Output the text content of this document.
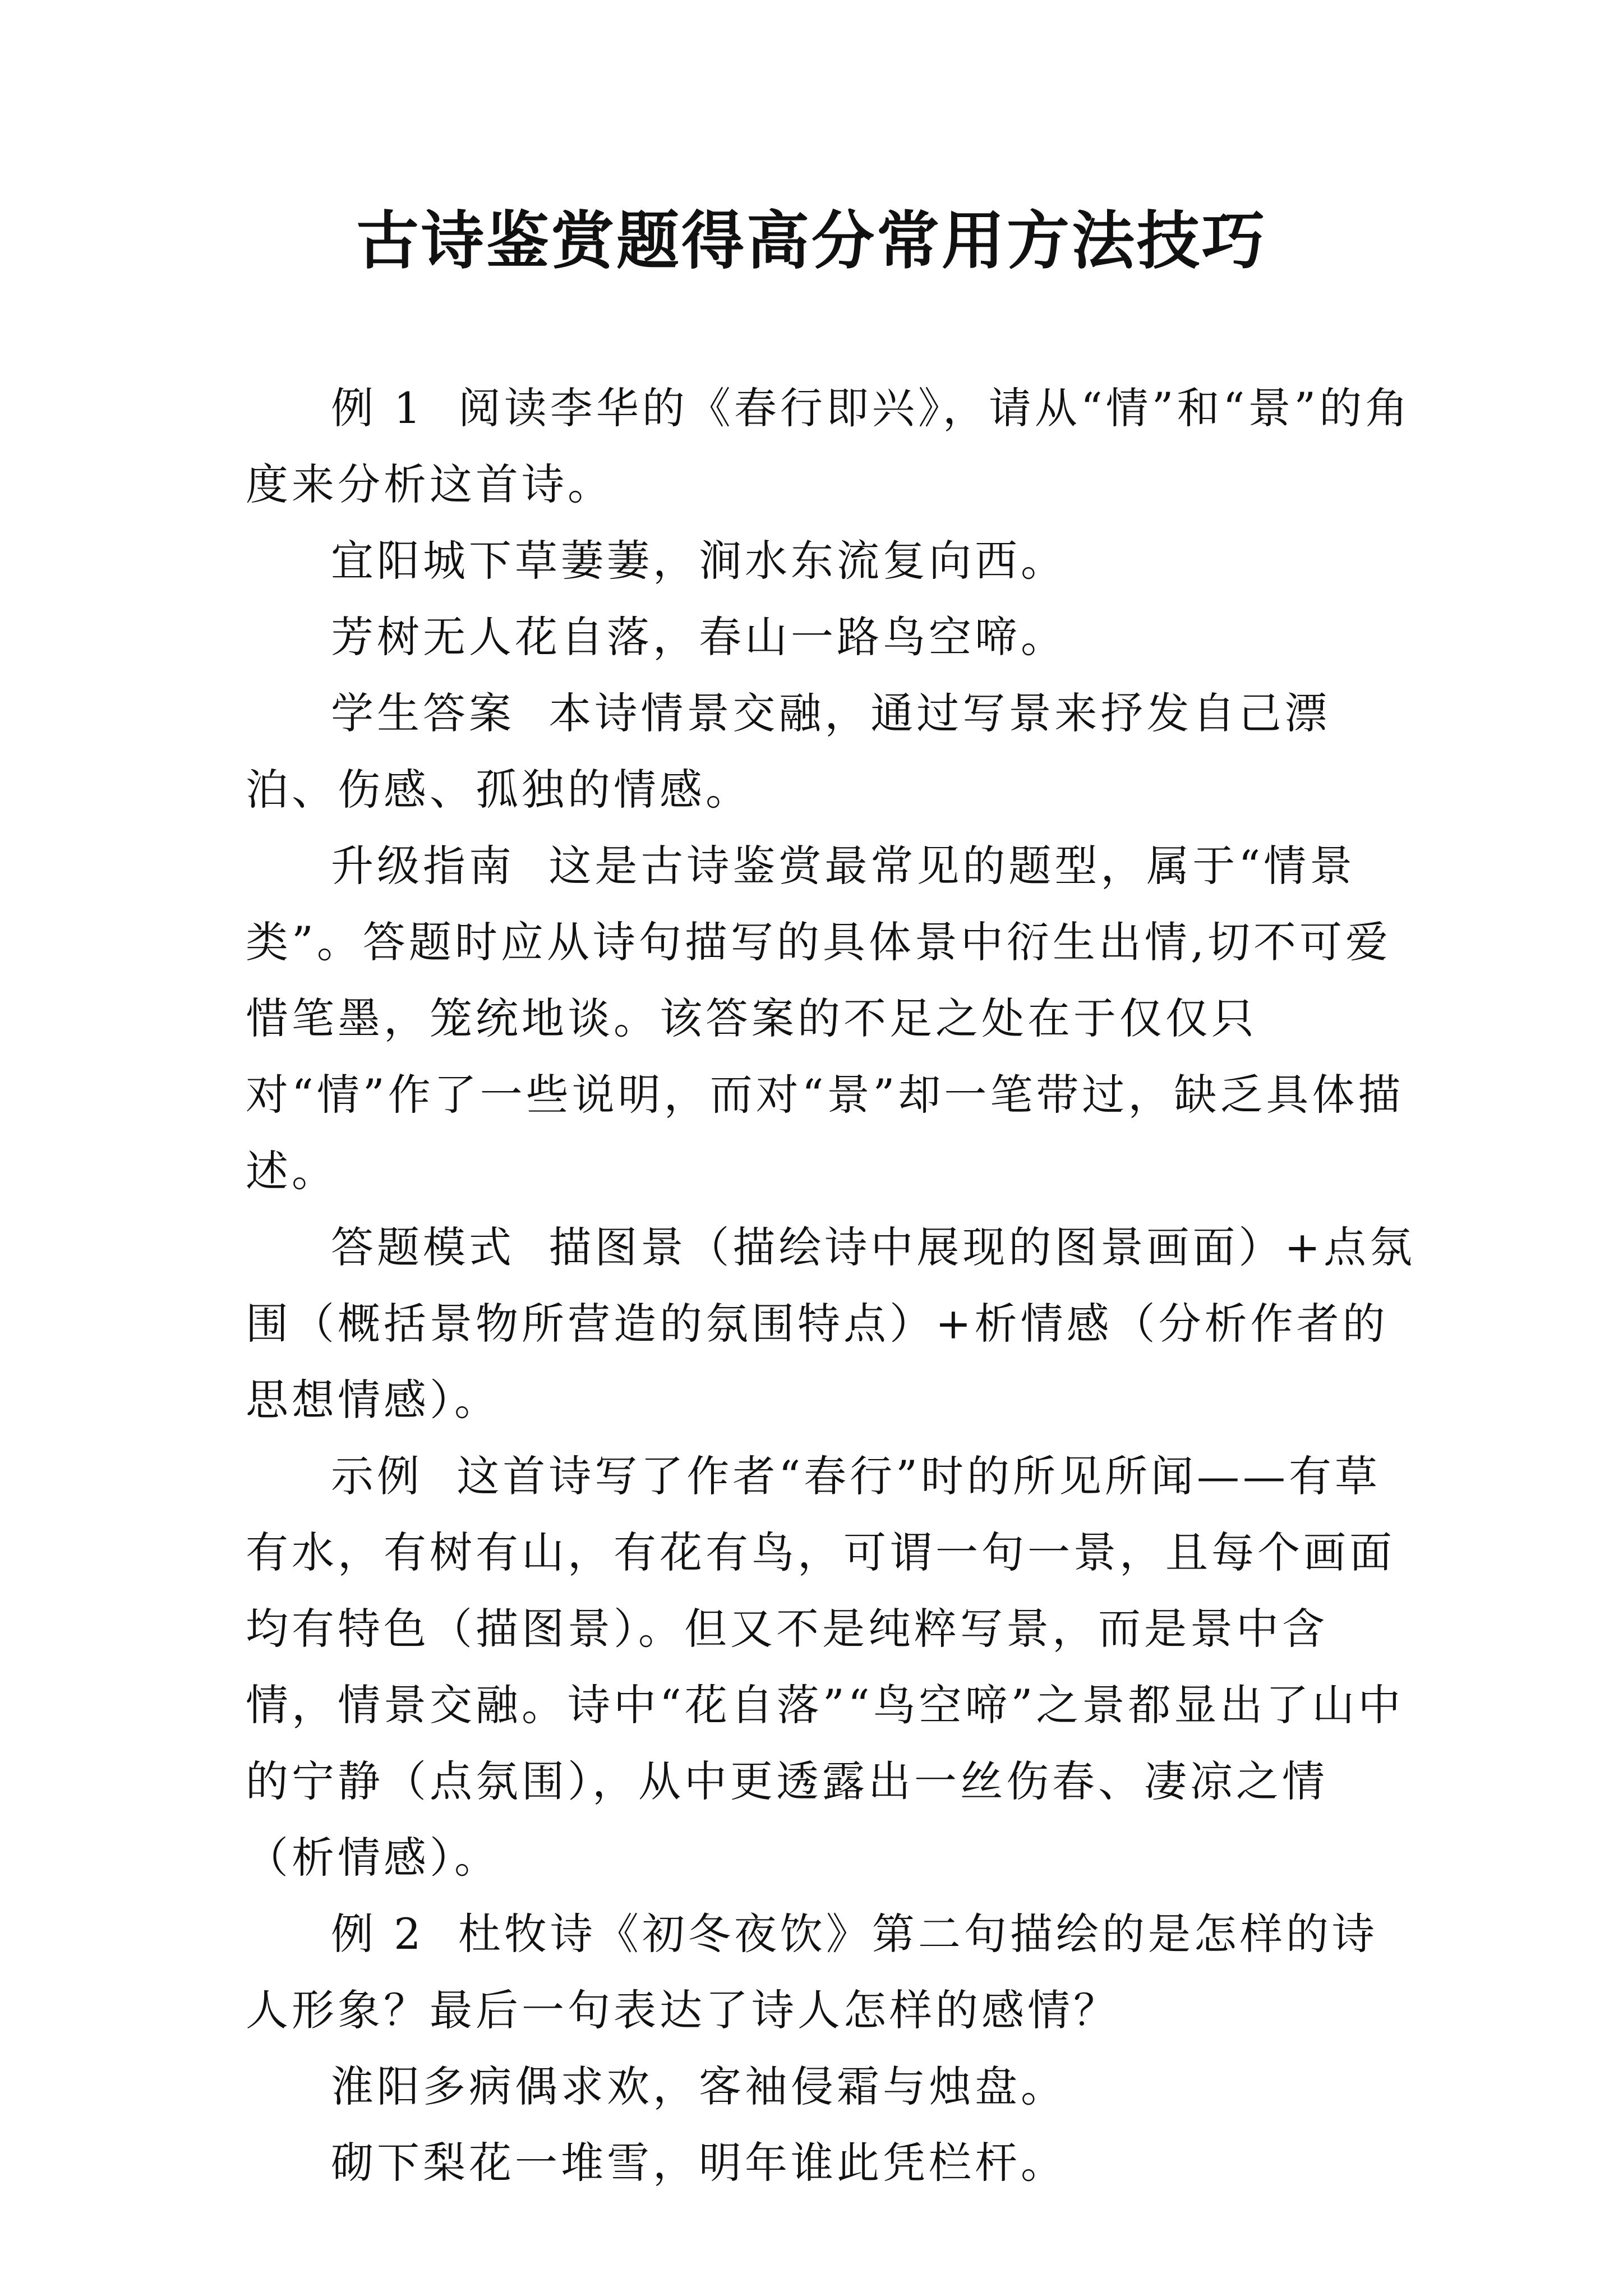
古诗鉴赏题得高分常用方法技巧

例 1  阅读李华的《春行即兴》，请从“情”和“景”的角度来分析这首诗。

宜阳城下草萋萋，涧水东流复向西。

芳树无人花自落，春山一路鸟空啼。

学生答案  本诗情景交融，通过写景来抒发自己漂泊、伤感、孤独的情感。

升级指南  这是古诗鉴赏最常见的题型，属于“情景类”。答题时应从诗句描写的具体景中衍生出情,切不可爱惜笔墨，笼统地谈。该答案的不足之处在于仅仅只对“情”作了一些说明，而对“景”却一笔带过，缺乏具体描述。

答题模式  描图景（描绘诗中展现的图景画面）+点氛围（概括景物所营造的氛围特点）+析情感（分析作者的思想情感）。

示例  这首诗写了作者“春行”时的所见所闻——有草有水，有树有山，有花有鸟，可谓一句一景，且每个画面均有特色（描图景）。但又不是纯粹写景，而是景中含情，情景交融。诗中“花自落”“鸟空啼”之景都显出了山中的宁静（点氛围），从中更透露出一丝伤春、凄凉之情（析情感）。

例 2  杜牧诗《初冬夜饮》第二句描绘的是怎样的诗人形象？最后一句表达了诗人怎样的感情？

淮阳多病偶求欢，客袖侵霜与烛盘。

砌下梨花一堆雪，明年谁此凭栏杆。
